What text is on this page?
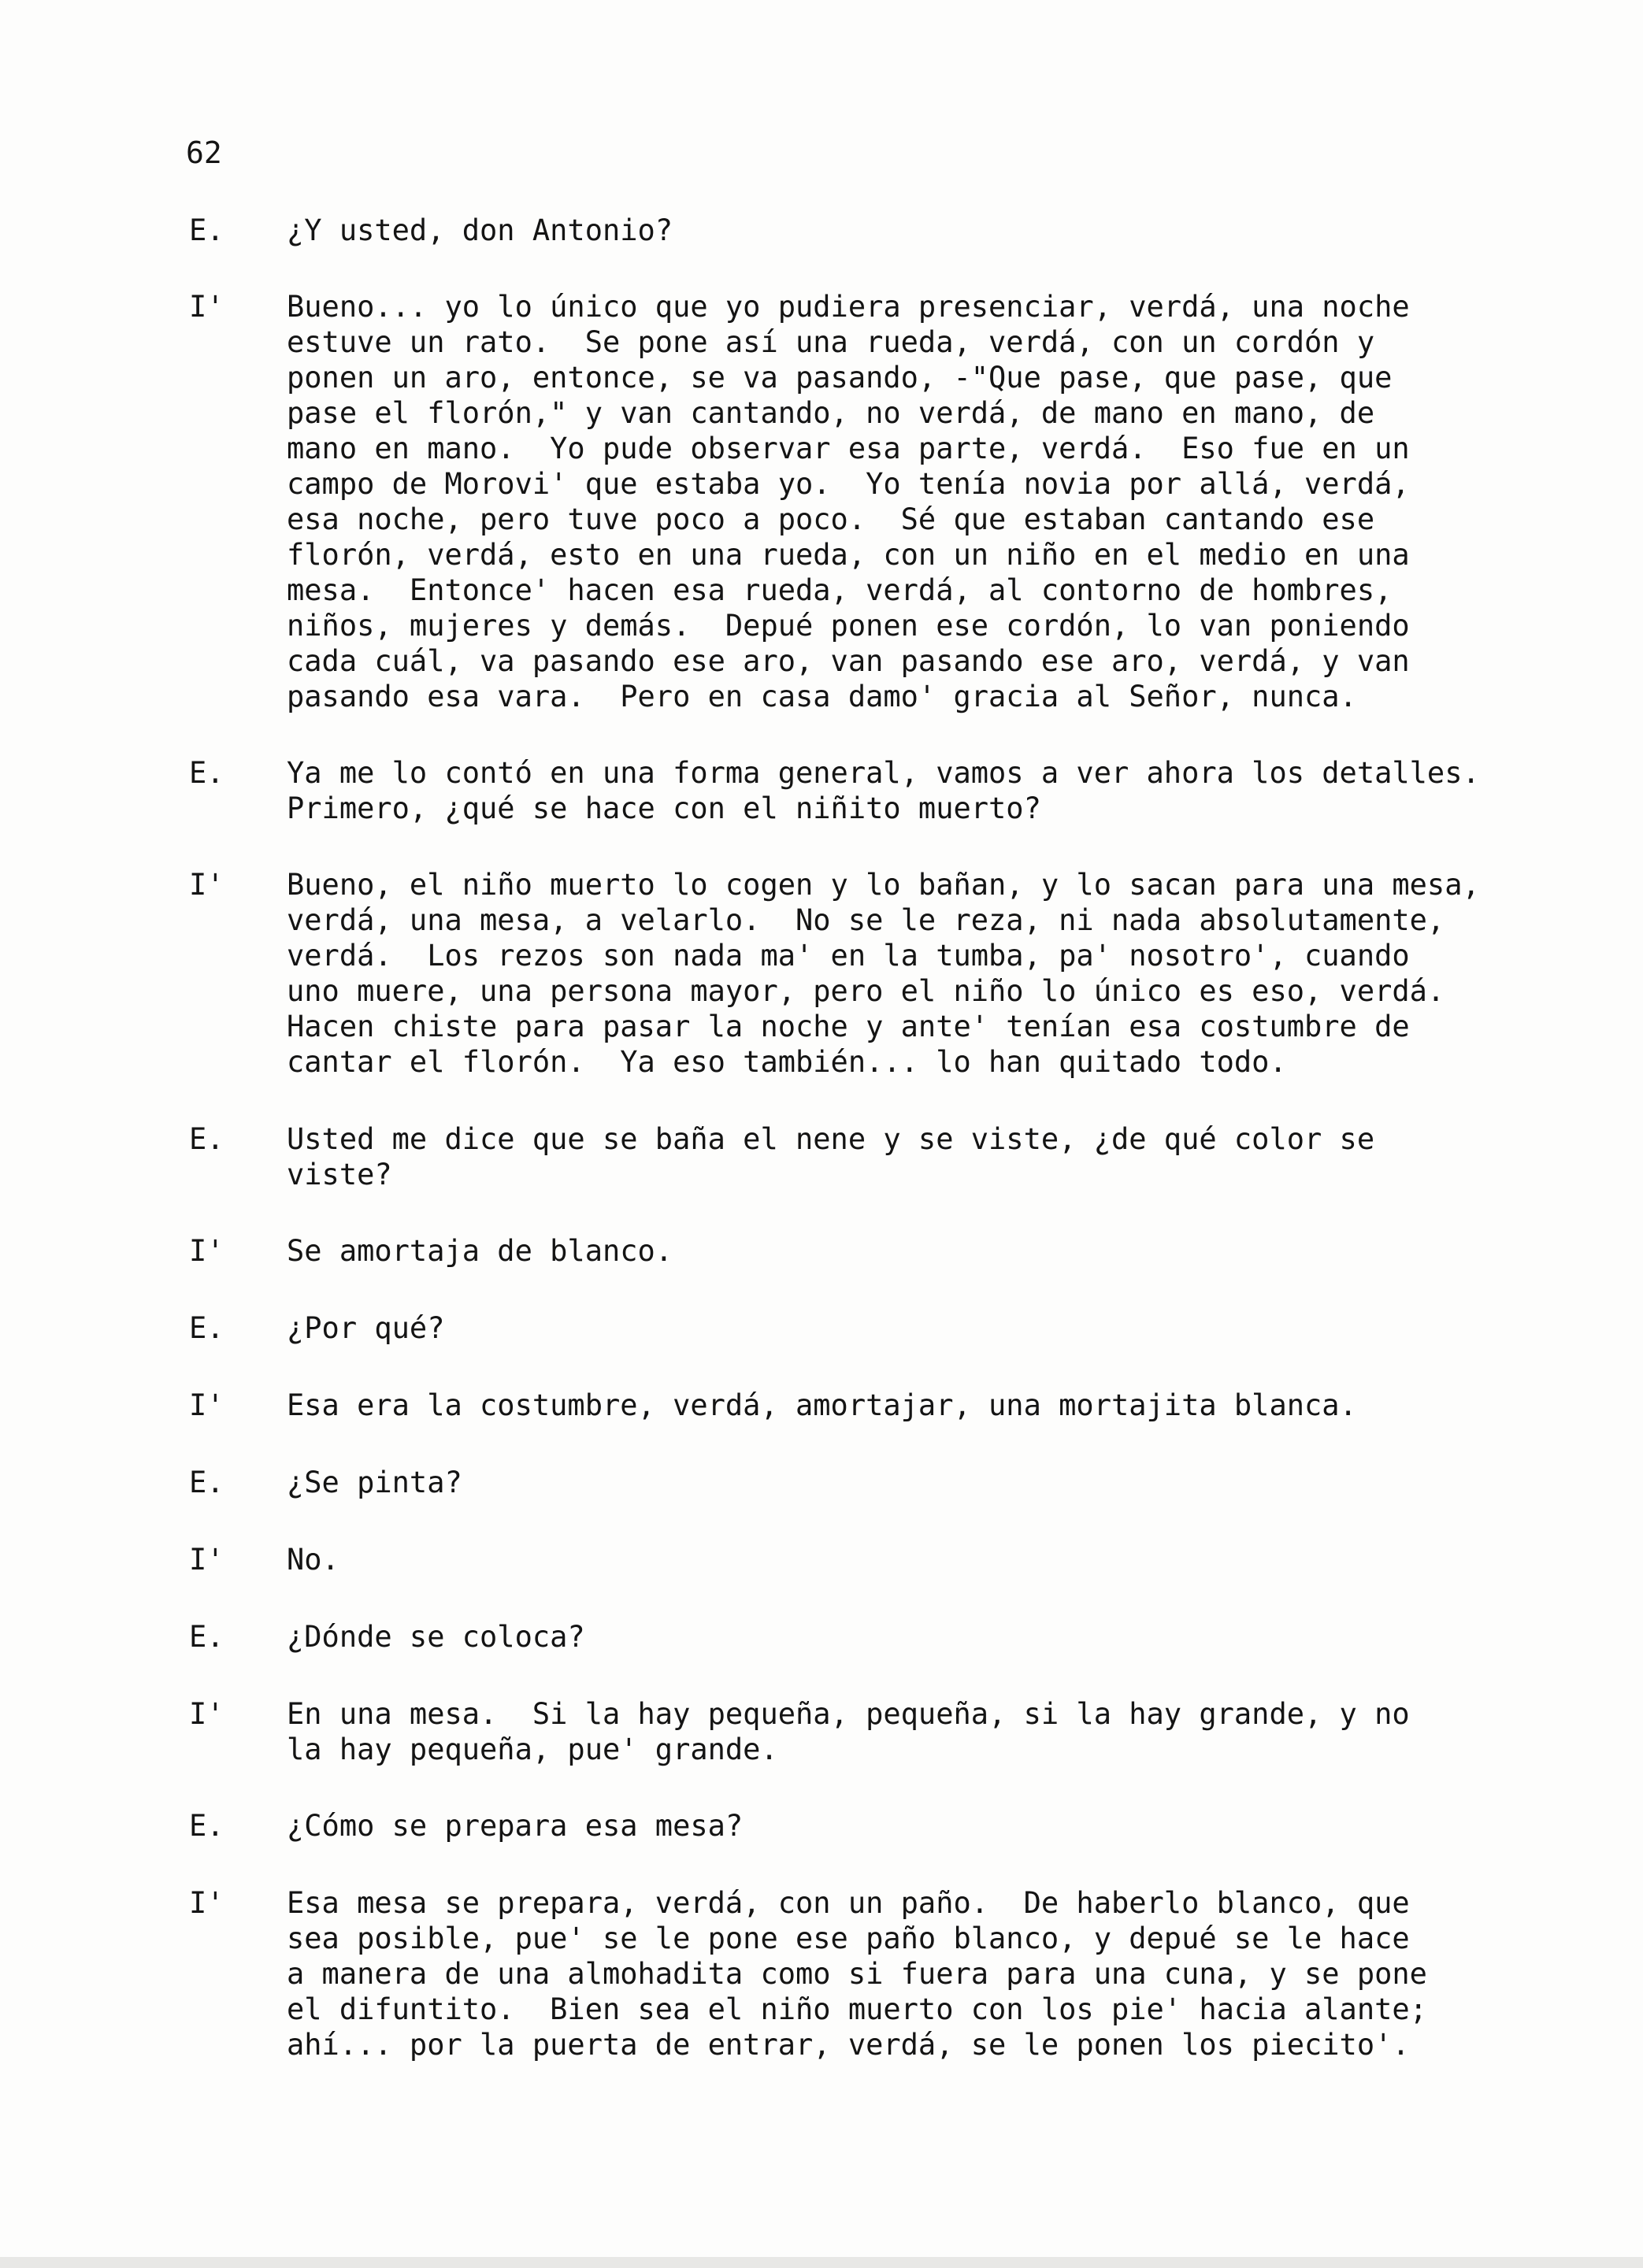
62
E.	¿Y usted, don Antonio?
I'	Bueno... yo lo único que yo pudiera presenciar, verdá, una noche
estuve un rato.  Se pone así una rueda, verdá, con un cordón y
ponen un aro, entonce, se va pasando, -"Que pase, que pase, que
pase el florón," y van cantando, no verdá, de mano en mano, de
mano en mano.  Yo pude observar esa parte, verdá.  Eso fue en un
campo de Morovi' que estaba yo.  Yo tenía novia por allá, verdá,
esa noche, pero tuve poco a poco.  Sé que estaban cantando ese
florón, verdá, esto en una rueda, con un niño en el medio en una
mesa.  Entonce' hacen esa rueda, verdá, al contorno de hombres,
niños, mujeres y demás.  Depué ponen ese cordón, lo van poniendo
cada cuál, va pasando ese aro, van pasando ese aro, verdá, y van
pasando esa vara.  Pero en casa damo' gracia al Señor, nunca.
E.	Ya me lo contó en una forma general, vamos a ver ahora los detalles.
Primero, ¿qué se hace con el niñito muerto?
I'	Bueno, el niño muerto lo cogen y lo bañan, y lo sacan para una mesa,
verdá, una mesa, a velarlo.  No se le reza, ni nada absolutamente,
verdá.  Los rezos son nada ma' en la tumba, pa' nosotro', cuando
uno muere, una persona mayor, pero el niño lo único es eso, verdá.
Hacen chiste para pasar la noche y ante' tenían esa costumbre de
cantar el florón.  Ya eso también... lo han quitado todo.
E.	Usted me dice que se baña el nene y se viste, ¿de qué color se
viste?
I'	Se amortaja de blanco.
E.	¿Por qué?
I'	Esa era la costumbre, verdá, amortajar, una mortajita blanca.
E.	¿Se pinta?
I'	No.
E.	¿Dónde se coloca?
I'	En una mesa.  Si la hay pequeña, pequeña, si la hay grande, y no
la hay pequeña, pue' grande.
E.	¿Cómo se prepara esa mesa?
I'	Esa mesa se prepara, verdá, con un paño.  De haberlo blanco, que
sea posible, pue' se le pone ese paño blanco, y depué se le hace
a manera de una almohadita como si fuera para una cuna, y se pone
el difuntito.  Bien sea el niño muerto con los pie' hacia alante;
ahí... por la puerta de entrar, verdá, se le ponen los piecito'.
